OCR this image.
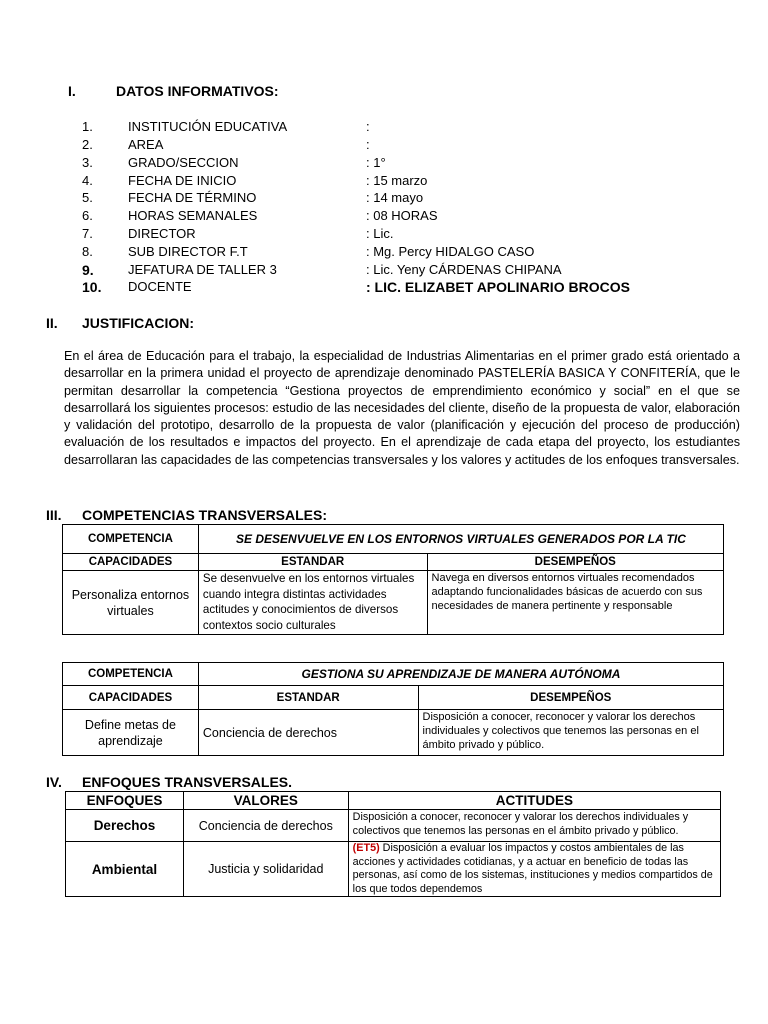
I.	DATOS INFORMATIVOS:
1.	INSTITUCIÓN EDUCATIVA	:
2.	AREA	:
3.	GRADO/SECCION	: 1°
4.	FECHA DE INICIO	: 15 marzo
5.	FECHA DE TÉRMINO	: 14 mayo
6.	HORAS SEMANALES	: 08 HORAS
7.	DIRECTOR	: Lic.
8.	SUB DIRECTOR F.T	: Mg. Percy HIDALGO CASO
9.	JEFATURA DE TALLER 3	: Lic. Yeny CÁRDENAS CHIPANA
10.	DOCENTE	: LIC. ELIZABET APOLINARIO BROCOS
II. JUSTIFICACION:
En el área de Educación para el trabajo, la especialidad de Industrias Alimentarias en el primer grado está orientado a desarrollar en la primera unidad el proyecto de aprendizaje denominado PASTELERÍA BASICA Y CONFITERÍA, que le permitan desarrollar la competencia “Gestiona proyectos de emprendimiento económico y social” en el que se desarrollará los siguientes procesos: estudio de las necesidades del cliente, diseño de la propuesta de valor, elaboración y validación del prototipo, desarrollo de la propuesta de valor (planificación y ejecución del proceso de producción) evaluación de los resultados e impactos del proyecto. En el aprendizaje de cada etapa del proyecto, los estudiantes desarrollaran las capacidades de las competencias transversales y los valores y actitudes de los enfoques transversales.
III. COMPETENCIAS TRANSVERSALES:
COMPETENCIA	SE DESENVUELVE EN LOS ENTORNOS VIRTUALES GENERADOS POR LA TIC	
CAPACIDADES	ESTANDAR	DESEMPEÑOS
Personaliza entornos virtuales	Se desenvuelve en los entornos virtuales cuando integra distintas actividades actitudes y conocimientos de diversos contextos socio culturales	Navega en diversos entornos virtuales recomendados adaptando funcionalidades básicas de acuerdo con sus necesidades de manera pertinente y responsable
COMPETENCIA	GESTIONA SU APRENDIZAJE DE MANERA AUTÓNOMA	
CAPACIDADES	ESTANDAR	DESEMPEÑOS
Define metas de aprendizaje	Conciencia de derechos	Disposición a conocer, reconocer y valorar los derechos individuales y colectivos que tenemos las personas en el ámbito privado y público.
IV. ENFOQUES TRANSVERSALES.
ENFOQUES	VALORES	ACTITUDES
Derechos	Conciencia de derechos	Disposición a conocer, reconocer y valorar los derechos individuales y colectivos que tenemos las personas en el ámbito privado y público.
Ambiental	Justicia y solidaridad	(ET5) Disposición a evaluar los impactos y costos ambientales de las acciones y actividades cotidianas, y a actuar en beneficio de todas las personas, así como de los sistemas, instituciones y medios compartidos de los que todos dependemos
